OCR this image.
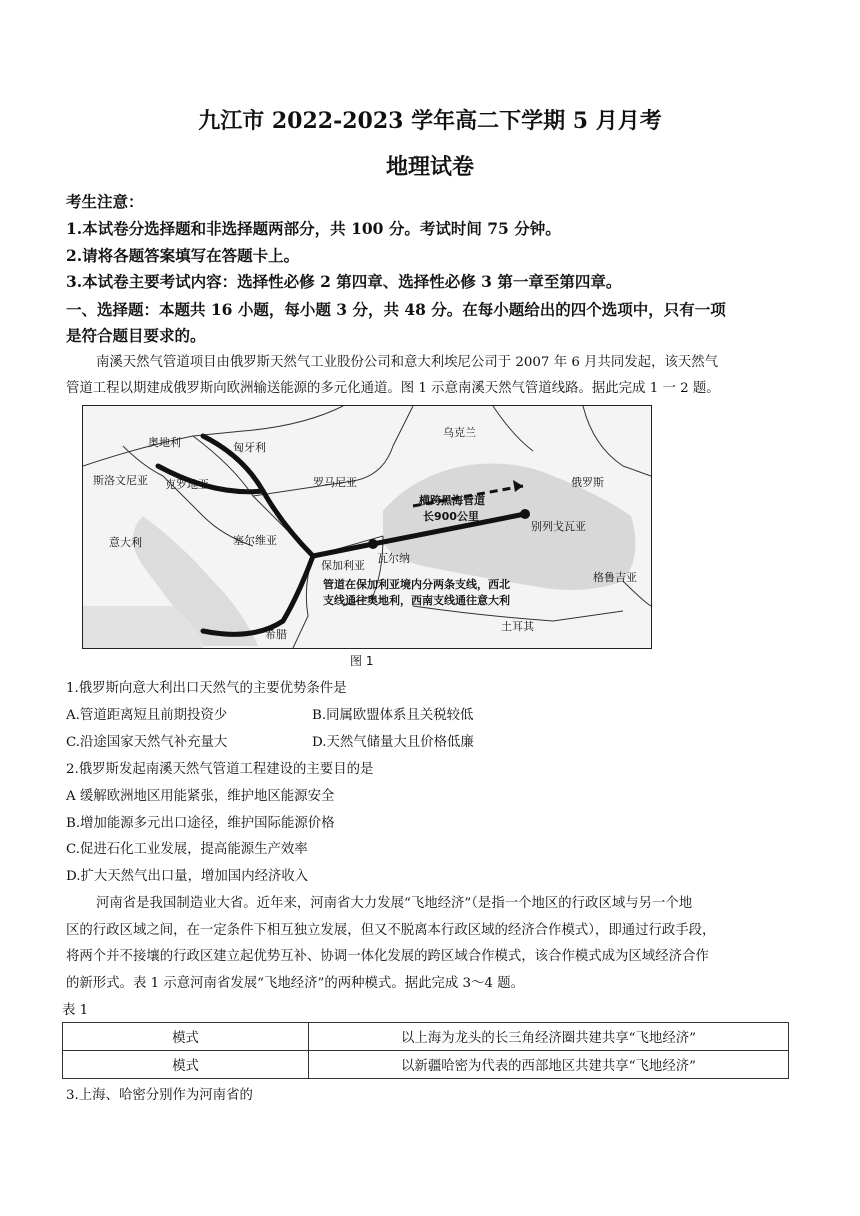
九江市 2022-2023 学年高二下学期 5 月月考
地理试卷
考生注意：
1.本试卷分选择题和非选择题两部分，共 100 分。考试时间 75 分钟。
2.请将各题答案填写在答题卡上。
3.本试卷主要考试内容：选择性必修 2 第四章、选择性必修 3 第一章至第四章。
一、选择题：本题共 16 小题，每小题 3 分，共 48 分。在每小题给出的四个选项中，只有一项
是符合题目要求的。
南溪天然气管道项目由俄罗斯天然气工业股份公司和意大利埃尼公司于 2007 年 6 月共同发起，该天然气
管道工程以期建成俄罗斯向欧洲输送能源的多元化通道。图 1 示意南溪天然气管道线路。据此完成 1 一 2 题。
乌克兰
奥地利	匈牙利
斯洛文尼亚 克罗地亚	罗马尼亚	俄罗斯
意大利	塞尔维亚
保加利亚
瓦尔纳
别列戈瓦亚
格鲁吉亚
土耳其
希腊
横跨黑海管道
长900公里
管道在保加利亚境内分两条支线，西北
支线通往奥地利，西南支线通往意大利
图 1
1.俄罗斯向意大利出口天然气的主要优势条件是
A.管道距离短且前期投资少	B.同属欧盟体系且关税较低
C.沿途国家天然气补充量大	D.天然气储量大且价格低廉
2.俄罗斯发起南溪天然气管道工程建设的主要目的是
A 缓解欧洲地区用能紧张，维护地区能源安全
B.增加能源多元出口途径，维护国际能源价格
C.促进石化工业发展，提高能源生产效率
D.扩大天然气出口量，增加国内经济收入
河南省是我国制造业大省。近年来，河南省大力发展“飞地经济”（是指一个地区的行政区域与另一个地
区的行政区域之间，在一定条件下相互独立发展，但又不脱离本行政区域的经济合作模式），即通过行政手段，
将两个并不接壤的行政区建立起优势互补、协调一体化发展的跨区域合作模式，该合作模式成为区域经济合作
的新形式。表 1 示意河南省发展“飞地经济”的两种模式。据此完成 3～4 题。
表 1
模式	以上海为龙头的长三角经济圈共建共享“飞地经济”
模式	以新疆哈密为代表的西部地区共建共享“飞地经济”
3.上海、哈密分别作为河南省的
